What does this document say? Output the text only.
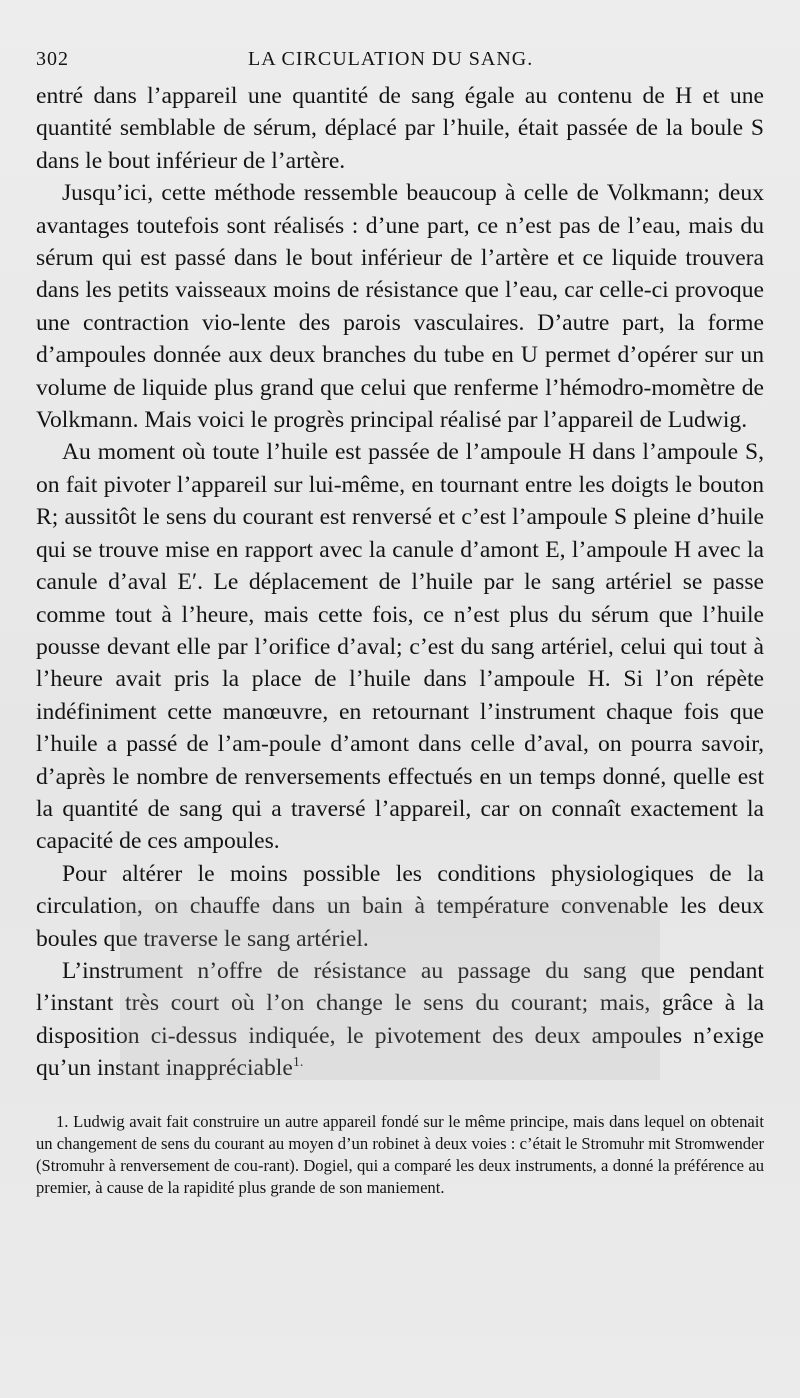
302	LA CIRCULATION DU SANG.

entré dans l’appareil une quantité de sang égale au contenu de H et une quantité semblable de sérum, déplacé par l’huile, était passée de la boule S dans le bout inférieur de l’artère.

Jusqu’ici, cette méthode ressemble beaucoup à celle de Volkmann; deux avantages toutefois sont réalisés : d’une part, ce n’est pas de l’eau, mais du sérum qui est passé dans le bout inférieur de l’artère et ce liquide trouvera dans les petits vaisseaux moins de résistance que l’eau, car celle-ci provoque une contraction vio-lente des parois vasculaires. D’autre part, la forme d’ampoules donnée aux deux branches du tube en U permet d’opérer sur un volume de liquide plus grand que celui que renferme l’hémodro-momètre de Volkmann. Mais voici le progrès principal réalisé par l’appareil de Ludwig.

Au moment où toute l’huile est passée de l’ampoule H dans l’ampoule S, on fait pivoter l’appareil sur lui-même, en tournant entre les doigts le bouton R; aussitôt le sens du courant est renversé et c’est l’ampoule S pleine d’huile qui se trouve mise en rapport avec la canule d’amont E, l’ampoule H avec la canule d’aval E′. Le déplacement de l’huile par le sang artériel se passe comme tout à l’heure, mais cette fois, ce n’est plus du sérum que l’huile pousse devant elle par l’orifice d’aval; c’est du sang artériel, celui qui tout à l’heure avait pris la place de l’huile dans l’ampoule H. Si l’on répète indéfiniment cette manœuvre, en retournant l’instrument chaque fois que l’huile a passé de l’am-poule d’amont dans celle d’aval, on pourra savoir, d’après le nombre de renversements effectués en un temps donné, quelle est la quantité de sang qui a traversé l’appareil, car on connaît exactement la capacité de ces ampoules.

Pour altérer le moins possible les conditions physiologiques de la circulation, on chauffe dans un bain à température convenable les deux boules que traverse le sang artériel.

L’instrument n’offre de résistance au passage du sang que pendant l’instant très court où l’on change le sens du courant; mais, grâce à la disposition ci-dessus indiquée, le pivotement des deux ampoules n’exige qu’un instant inappréciable$^{1.}$

1. Ludwig avait fait construire un autre appareil fondé sur le même principe, mais dans lequel on obtenait un changement de sens du courant au moyen d’un robinet à deux voies : c’était le Stromuhr mit Stromwender (Stromuhr à renversement de cou-rant). Dogiel, qui a comparé les deux instruments, a donné la préférence au premier, à cause de la rapidité plus grande de son maniement.
